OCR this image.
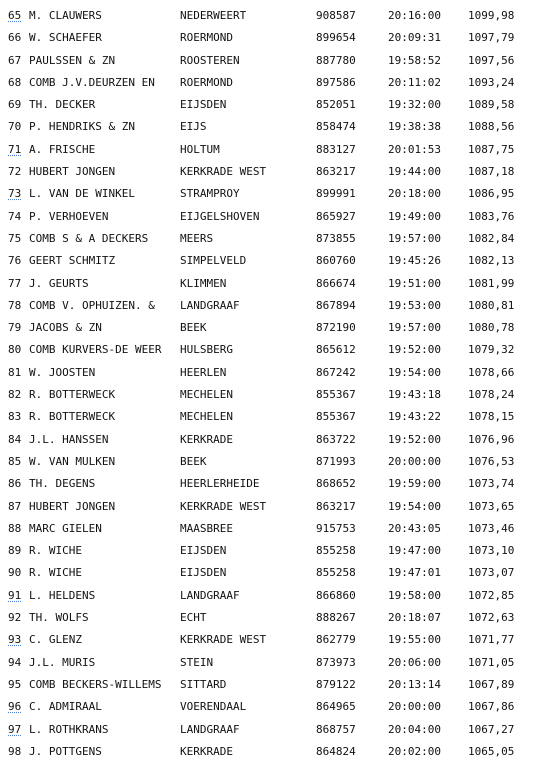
65 M. CLAUWERS	NEDERWEERT	908587	20:16:00	1099,98
66 W. SCHAEFER	ROERMOND	899654	20:09:31	1097,79
67 PAULSSEN & ZN	ROOSTEREN	887780	19:58:52	1097,56
68 COMB J.V.DEURZEN EN	ROERMOND	897586	20:11:02	1093,24
69 TH. DECKER	EIJSDEN	852051	19:32:00	1089,58
70 P. HENDRIKS & ZN	EIJS	858474	19:38:38	1088,56
71 A. FRISCHE	HOLTUM	883127	20:01:53	1087,75
72 HUBERT JONGEN	KERKRADE WEST	863217	19:44:00	1087,18
73 L. VAN DE WINKEL	STRAMPROY	899991	20:18:00	1086,95
74 P. VERHOEVEN	EIJGELSHOVEN	865927	19:49:00	1083,76
75 COMB S & A DECKERS	MEERS	873855	19:57:00	1082,84
76 GEERT SCHMITZ	SIMPELVELD	860760	19:45:26	1082,13
77 J. GEURTS	KLIMMEN	866674	19:51:00	1081,99
78 COMB V. OPHUIZEN. &	LANDGRAAF	867894	19:53:00	1080,81
79 JACOBS & ZN	BEEK	872190	19:57:00	1080,78
80 COMB KURVERS-DE WEER	HULSBERG	865612	19:52:00	1079,32
81 W. JOOSTEN	HEERLEN	867242	19:54:00	1078,66
82 R. BOTTERWECK	MECHELEN	855367	19:43:18	1078,24
83 R. BOTTERWECK	MECHELEN	855367	19:43:22	1078,15
84 J.L. HANSSEN	KERKRADE	863722	19:52:00	1076,96
85 W. VAN MULKEN	BEEK	871993	20:00:00	1076,53
86 TH. DEGENS	HEERLERHEIDE	868652	19:59:00	1073,74
87 HUBERT JONGEN	KERKRADE WEST	863217	19:54:00	1073,65
88 MARC GIELEN	MAASBREE	915753	20:43:05	1073,46
89 R. WICHE	EIJSDEN	855258	19:47:00	1073,10
90 R. WICHE	EIJSDEN	855258	19:47:01	1073,07
91 L. HELDENS	LANDGRAAF	866860	19:58:00	1072,85
92 TH. WOLFS	ECHT	888267	20:18:07	1072,63
93 C. GLENZ	KERKRADE WEST	862779	19:55:00	1071,77
94 J.L. MURIS	STEIN	873973	20:06:00	1071,05
95 COMB BECKERS-WILLEMS	SITTARD	879122	20:13:14	1067,89
96 C. ADMIRAAL	VOERENDAAL	864965	20:00:00	1067,86
97 L. ROTHKRANS	LANDGRAAF	868757	20:04:00	1067,27
98 J. POTTGENS	KERKRADE	864824	20:02:00	1065,05
